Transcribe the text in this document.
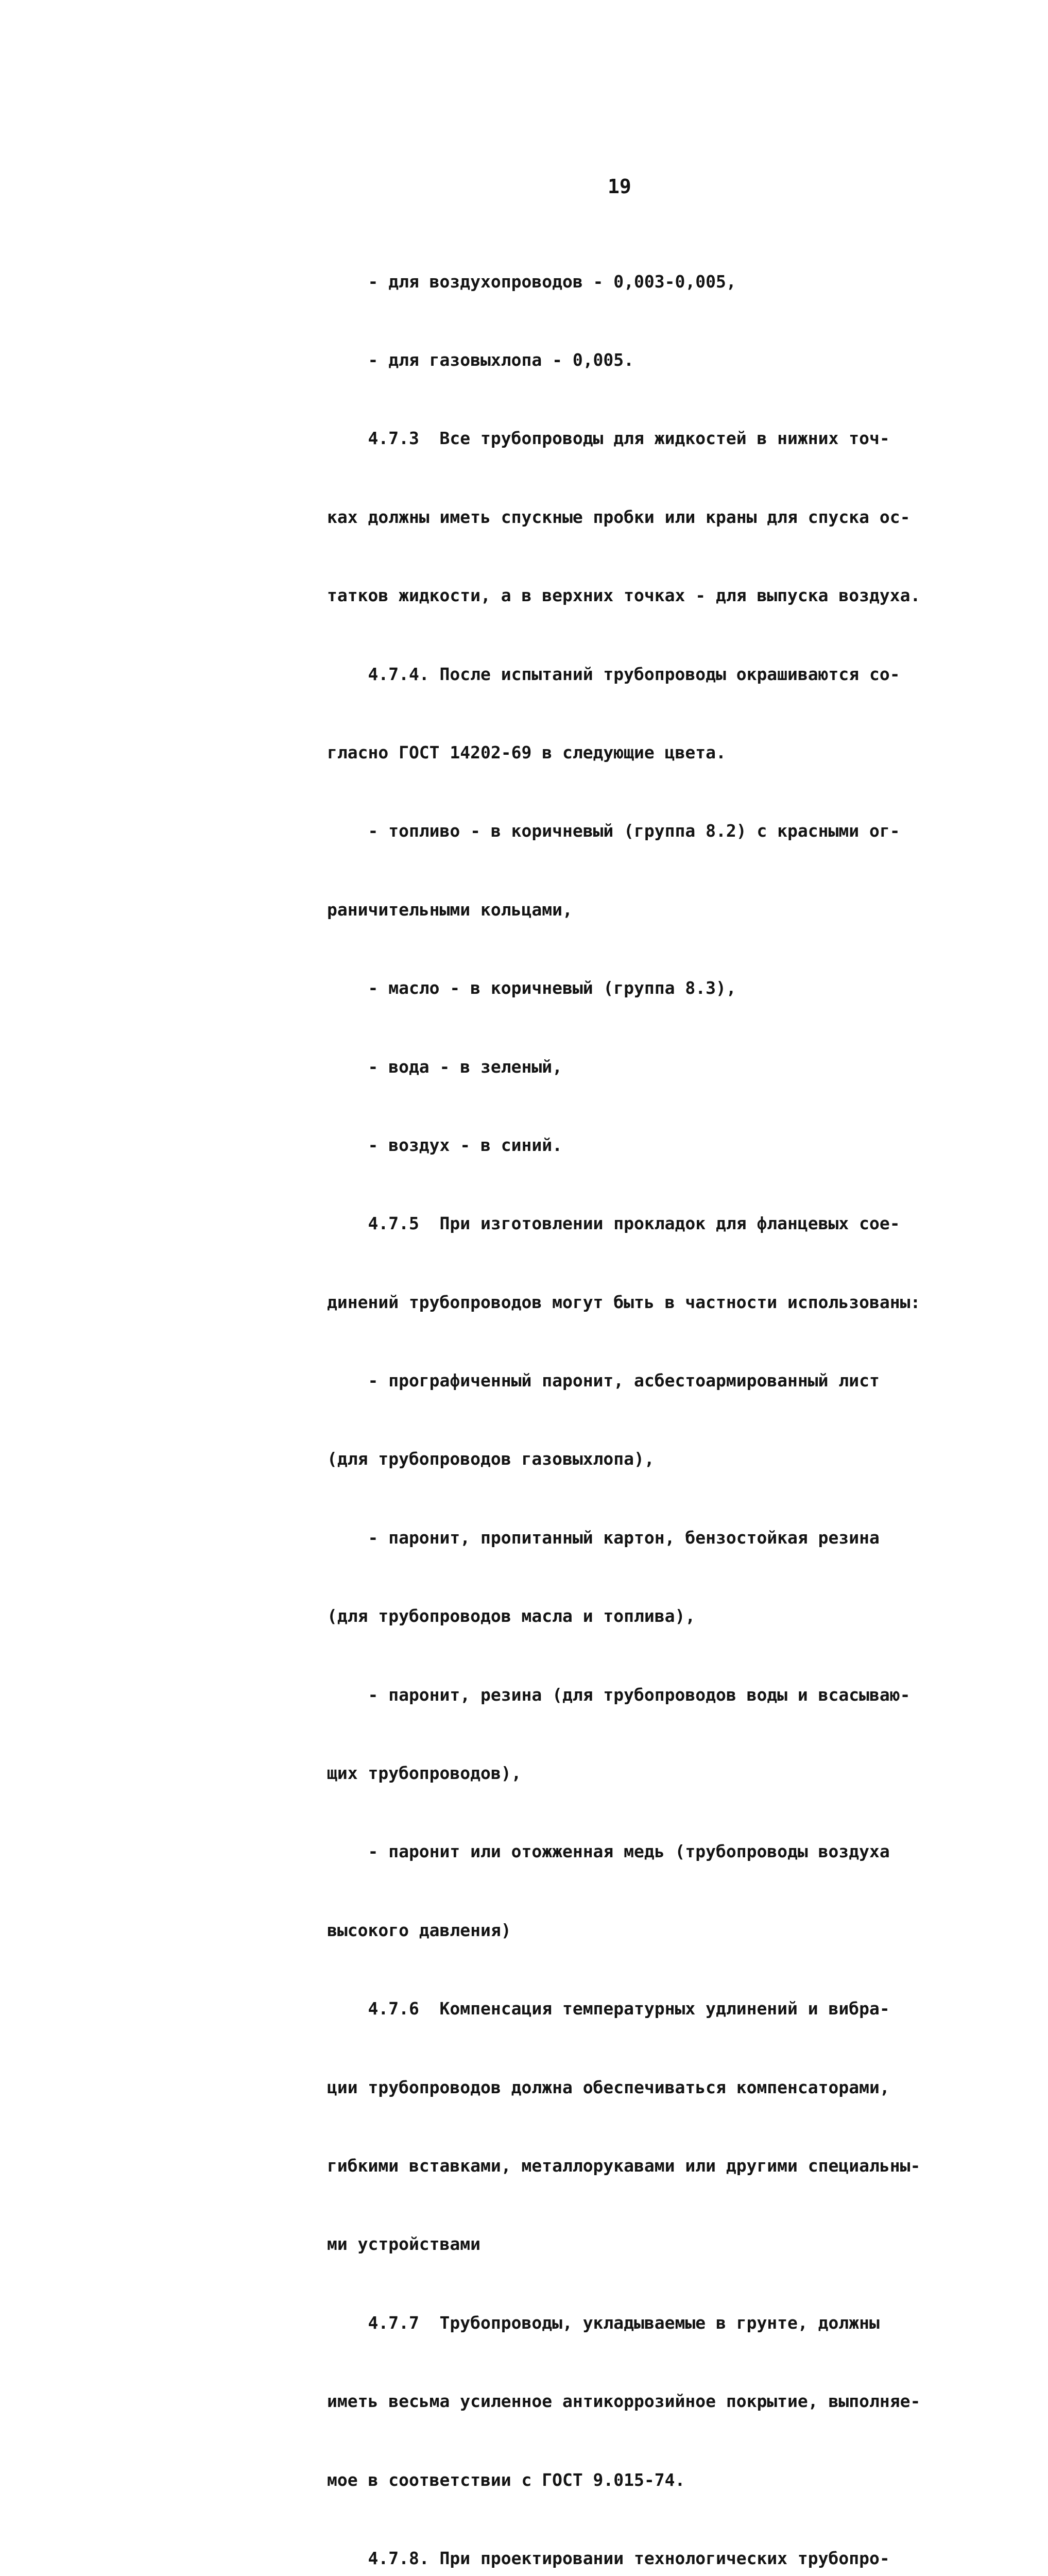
19

- для воздухопроводов - 0,003-0,005,

- для газовыхлопа - 0,005.

4.7.3  Все трубопроводы для жидкостей в нижних точ-

ках должны иметь спускные пробки или краны для спуска ос-

татков жидкости, а в верхних точках - для выпуска воздуха.

4.7.4. После испытаний трубопроводы окрашиваются со-

гласно ГОСТ 14202-69 в следующие цвета.

- топливо - в коричневый (группа 8.2) с красными ог-

раничительными кольцами,

- масло - в коричневый (группа 8.3),

- вода - в зеленый,

- воздух - в синий.

4.7.5  При изготовлении прокладок для фланцевых сое-

динений трубопроводов могут быть в частности использованы:

- прографиченный паронит, асбестоармированный лист

(для трубопроводов газовыхлопа),

- паронит, пропитанный картон, бензостойкая резина

(для трубопроводов масла и топлива),

- паронит, резина (для трубопроводов воды и всасываю-

щих трубопроводов),

- паронит или отожженная медь (трубопроводы воздуха

высокого давления)

4.7.6  Компенсация температурных удлинений и вибра-

ции трубопроводов должна обеспечиваться компенсаторами,

гибкими вставками, металлорукавами или другими специальны-

ми устройствами

4.7.7  Трубопроводы, укладываемые в грунте, должны

иметь весьма усиленное антикоррозийное покрытие, выполняе-

мое в соответствии с ГОСТ 9.015-74.

4.7.8. При проектировании технологических трубопро-
